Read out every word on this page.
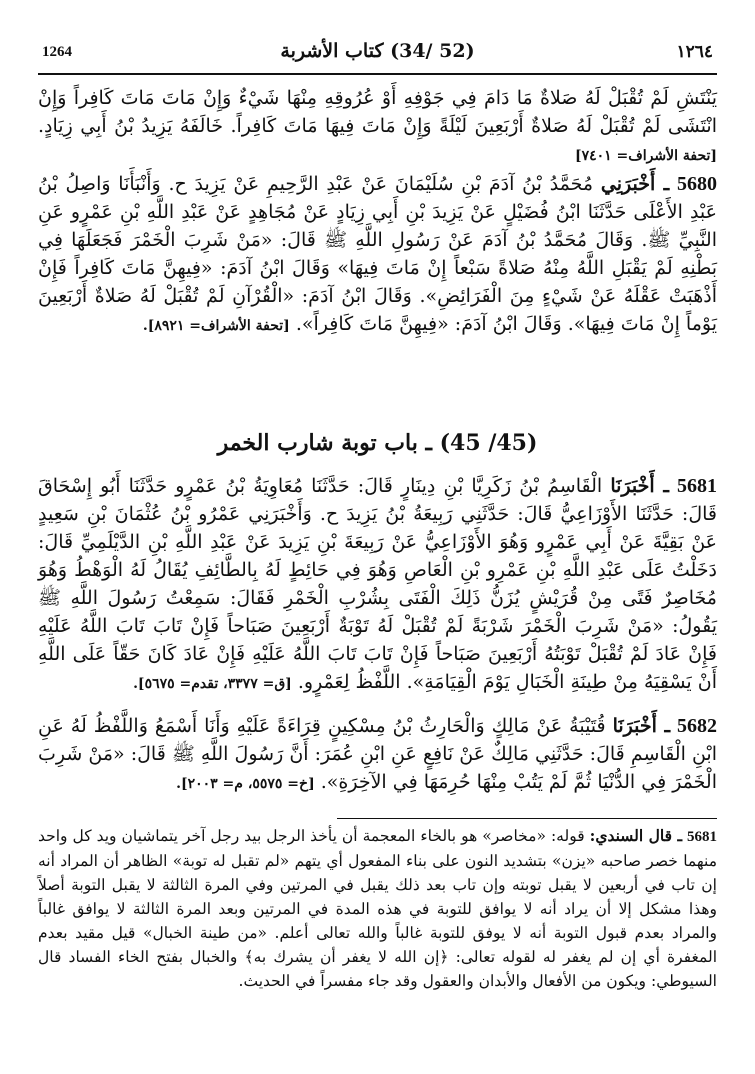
1264	(52 /34) كتاب الأشربة	١٢٦٤
يَنْتَشِ لَمْ تُقْبَلْ لَهُ صَلاةٌ مَا دَامَ فِي جَوْفِهِ أَوْ عُرُوقِهِ مِنْهَا شَيْءٌ وَإِنْ مَاتَ مَاتَ كَافِراً وَإِنْ انْتَشَى لَمْ تُقْبَلْ لَهُ صَلاةٌ أَرْبَعِينَ لَيْلَةً وَإِنْ مَاتَ فِيهَا مَاتَ كَافِراً. خَالَفَهُ يَزِيدُ بْنُ أَبِي زِيَادٍ. [تحفة الأشراف= ٧٤٠١]
5680 ـ أَخْبَرَنِي مُحَمَّدُ بْنُ آدَمَ بْنِ سُلَيْمَانَ عَنْ عَبْدِ الرَّحِيمِ عَنْ يَزِيدَ ح. وَأَنْبَأَنَا وَاصِلُ بْنُ عَبْدِ الأَعْلَى حَدَّثَنَا ابْنُ فُضَيْلٍ عَنْ يَزِيدَ بْنِ أَبِي زِيَادٍ عَنْ مُجَاهِدٍ عَنْ عَبْدِ اللَّهِ بْنِ عَمْرٍو عَنِ النَّبِيِّ ﷺ. وَقَالَ مُحَمَّدُ بْنُ آدَمَ عَنْ رَسُولِ اللَّهِ ﷺ قَالَ: «مَنْ شَرِبَ الْخَمْرَ فَجَعَلَهَا فِي بَطْنِهِ لَمْ يَقْبَلِ اللَّهُ مِنْهُ صَلاةً سَبْعاً إِنْ مَاتَ فِيهَا» وَقَالَ ابْنُ آدَمَ: «فِيهِنَّ مَاتَ كَافِراً فَإِنْ أَذْهَبَتْ عَقْلَهُ عَنْ شَيْءٍ مِنَ الْفَرَائِضِ». وَقَالَ ابْنُ آدَمَ: «الْقُرْآنِ لَمْ تُقْبَلْ لَهُ صَلاةٌ أَرْبَعِينَ يَوْماً إِنْ مَاتَ فِيهَا». وَقَالَ ابْنُ آدَمَ: «فِيهِنَّ مَاتَ كَافِراً». [تحفة الأشراف= ٨٩٢١].
(45/ 45) ـ باب توبة شارب الخمر
5681 ـ أَخْبَرَنَا الْقَاسِمُ بْنُ زَكَرِيَّا بْنِ دِينَارٍ قَالَ: حَدَّثَنَا مُعَاوِيَةُ بْنُ عَمْرٍو حَدَّثَنَا أَبُو إِسْحَاقَ قَالَ: حَدَّثَنَا الأَوْزَاعِيُّ قَالَ: حَدَّثَنِي رَبِيعَةُ بْنُ يَزِيدَ ح. وَأَخْبَرَنِي عَمْرُو بْنُ عُثْمَانَ بْنِ سَعِيدٍ عَنْ بَقِيَّةَ عَنْ أَبِي عَمْرٍو وَهُوَ الأَوْزَاعِيُّ عَنْ رَبِيعَةَ بْنِ يَزِيدَ عَنْ عَبْدِ اللَّهِ بْنِ الدَّيْلَمِيِّ قَالَ: دَخَلْتُ عَلَى عَبْدِ اللَّهِ بْنِ عَمْرِو بْنِ الْعَاصِ وَهُوَ فِي حَائِطٍ لَهُ بِالطَّائِفِ يُقَالُ لَهُ الْوَهْطُ وَهُوَ مُخَاصِرٌ فَتًى مِنْ قُرَيْشٍ يُزَنُّ ذَلِكَ الْفَتَى بِشُرْبِ الْخَمْرِ فَقَالَ: سَمِعْتُ رَسُولَ اللَّهِ ﷺ يَقُولُ: «مَنْ شَرِبَ الْخَمْرَ شَرْبَةً لَمْ تُقْبَلْ لَهُ تَوْبَةٌ أَرْبَعِينَ صَبَاحاً فَإِنْ تَابَ تَابَ اللَّهُ عَلَيْهِ فَإِنْ عَادَ لَمْ تُقْبَلْ تَوْبَتُهُ أَرْبَعِينَ صَبَاحاً فَإِنْ تَابَ تَابَ اللَّهُ عَلَيْهِ فَإِنْ عَادَ كَانَ حَقّاً عَلَى اللَّهِ أَنْ يَسْقِيَهُ مِنْ طِينَةِ الْخَبَالِ يَوْمَ الْقِيَامَةِ». اللَّفْظُ لِعَمْرٍو. [ق= ٣٣٧٧، تقدم= ٥٦٧٥].
5682 ـ أَخْبَرَنَا قُتَيْبَةُ عَنْ مَالِكٍ وَالْحَارِثُ بْنُ مِسْكِينٍ قِرَاءَةً عَلَيْهِ وَأَنَا أَسْمَعُ وَاللَّفْظُ لَهُ عَنِ ابْنِ الْقَاسِمِ قَالَ: حَدَّثَنِي مَالِكٌ عَنْ نَافِعٍ عَنِ ابْنِ عُمَرَ: أَنَّ رَسُولَ اللَّهِ ﷺ قَالَ: «مَنْ شَرِبَ الْخَمْرَ فِي الدُّنْيَا ثُمَّ لَمْ يَتُبْ مِنْهَا حُرِمَهَا فِي الآخِرَةِ». [خ= ٥٥٧٥، م= ٢٠٠٣].
5681 ـ قال السندي: قوله: «مخاصر» هو بالخاء المعجمة أن يأخذ الرجل بيد رجل آخر يتماشيان ويد كل واحد منهما خصر صاحبه «يزن» بتشديد النون على بناء المفعول أي يتهم «لم تقبل له توبة» الظاهر أن المراد أنه إن تاب في أربعين لا يقبل توبته وإن تاب بعد ذلك يقبل في المرتين وفي المرة الثالثة لا يقبل التوبة أصلاً وهذا مشكل إلا أن يراد أنه لا يوافق للتوبة في هذه المدة في المرتين وبعد المرة الثالثة لا يوافق غالباً والمراد بعدم قبول التوبة أنه لا يوفق للتوبة غالباً والله تعالى أعلم. «من طينة الخبال» قيل مقيد بعدم المغفرة أي إن لم يغفر له لقوله تعالى: ﴿إن الله لا يغفر أن يشرك به﴾ والخبال بفتح الخاء الفساد قال السيوطي: ويكون من الأفعال والأبدان والعقول وقد جاء مفسراً في الحديث.
